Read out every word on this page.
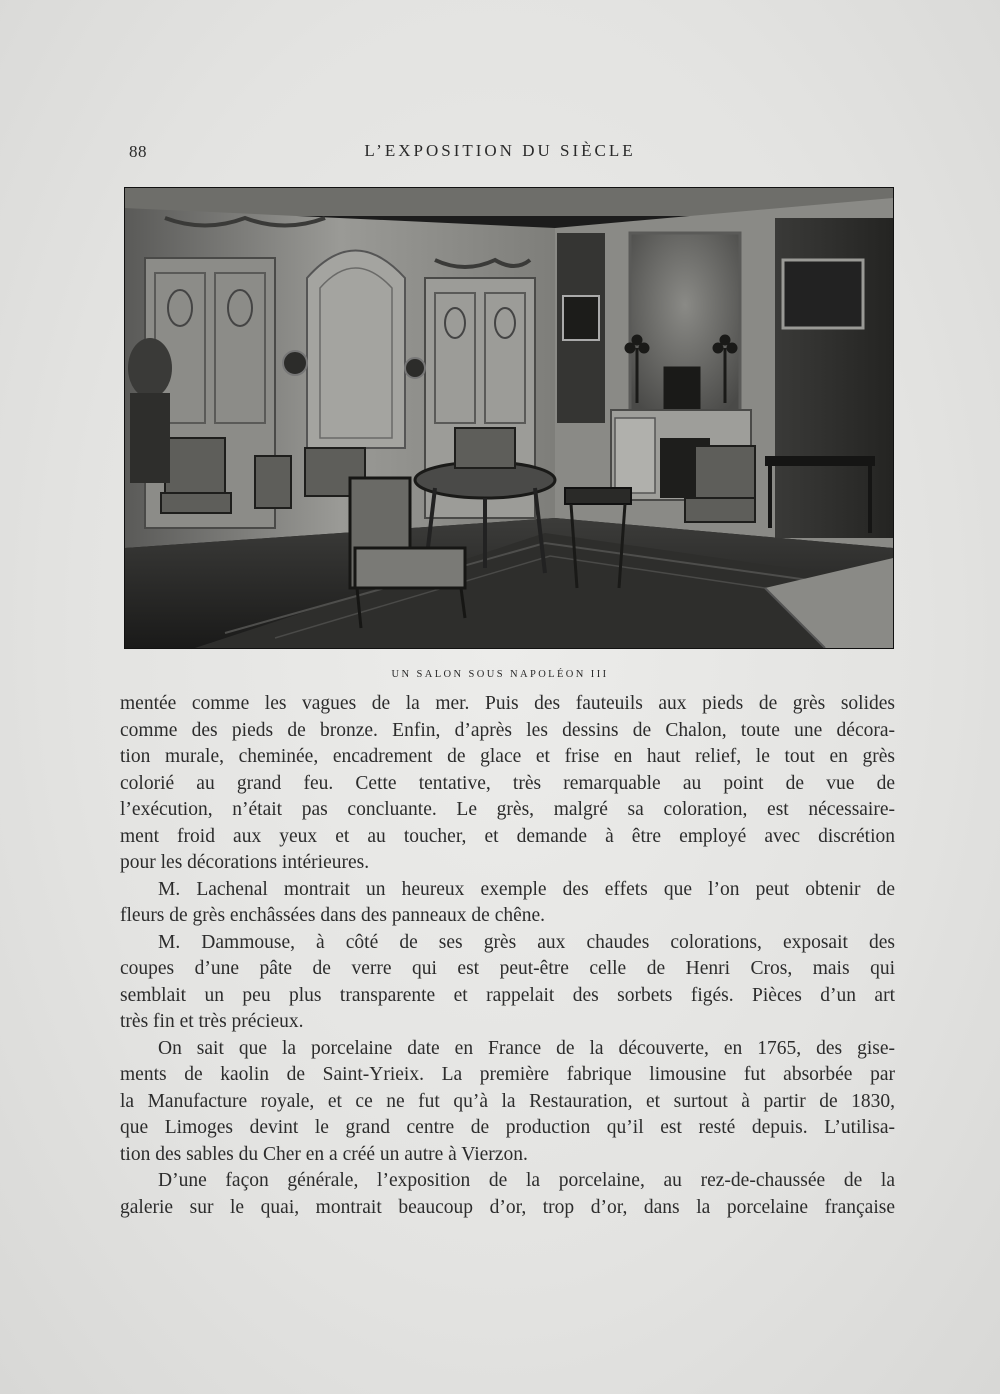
88	L’EXPOSITION DU SIÈCLE
UN SALON SOUS NAPOLÉON III
mentée comme les vagues de la mer. Puis des fauteuils aux pieds de grès solides
comme des pieds de bronze. Enfin, d’après les dessins de Chalon, toute une décora-
tion murale, cheminée, encadrement de glace et frise en haut relief, le tout en grès
colorié au grand feu. Cette tentative, très remarquable au point de vue de
l’exécution, n’était pas concluante. Le grès, malgré sa coloration, est nécessaire-
ment froid aux yeux et au toucher, et demande à être employé avec discrétion
pour les décorations intérieures.
M. Lachenal montrait un heureux exemple des effets que l’on peut obtenir de
fleurs de grès enchâssées dans des panneaux de chêne.
M. Dammouse, à côté de ses grès aux chaudes colorations, exposait des
coupes d’une pâte de verre qui est peut-être celle de Henri Cros, mais qui
semblait un peu plus transparente et rappelait des sorbets figés. Pièces d’un art
très fin et très précieux.
On sait que la porcelaine date en France de la découverte, en 1765, des gise-
ments de kaolin de Saint-Yrieix. La première fabrique limousine fut absorbée par
la Manufacture royale, et ce ne fut qu’à la Restauration, et surtout à partir de 1830,
que Limoges devint le grand centre de production qu’il est resté depuis. L’utilisa-
tion des sables du Cher en a créé un autre à Vierzon.
D’une façon générale, l’exposition de la porcelaine, au rez-de-chaussée de la
galerie sur le quai, montrait beaucoup d’or, trop d’or, dans la porcelaine française
